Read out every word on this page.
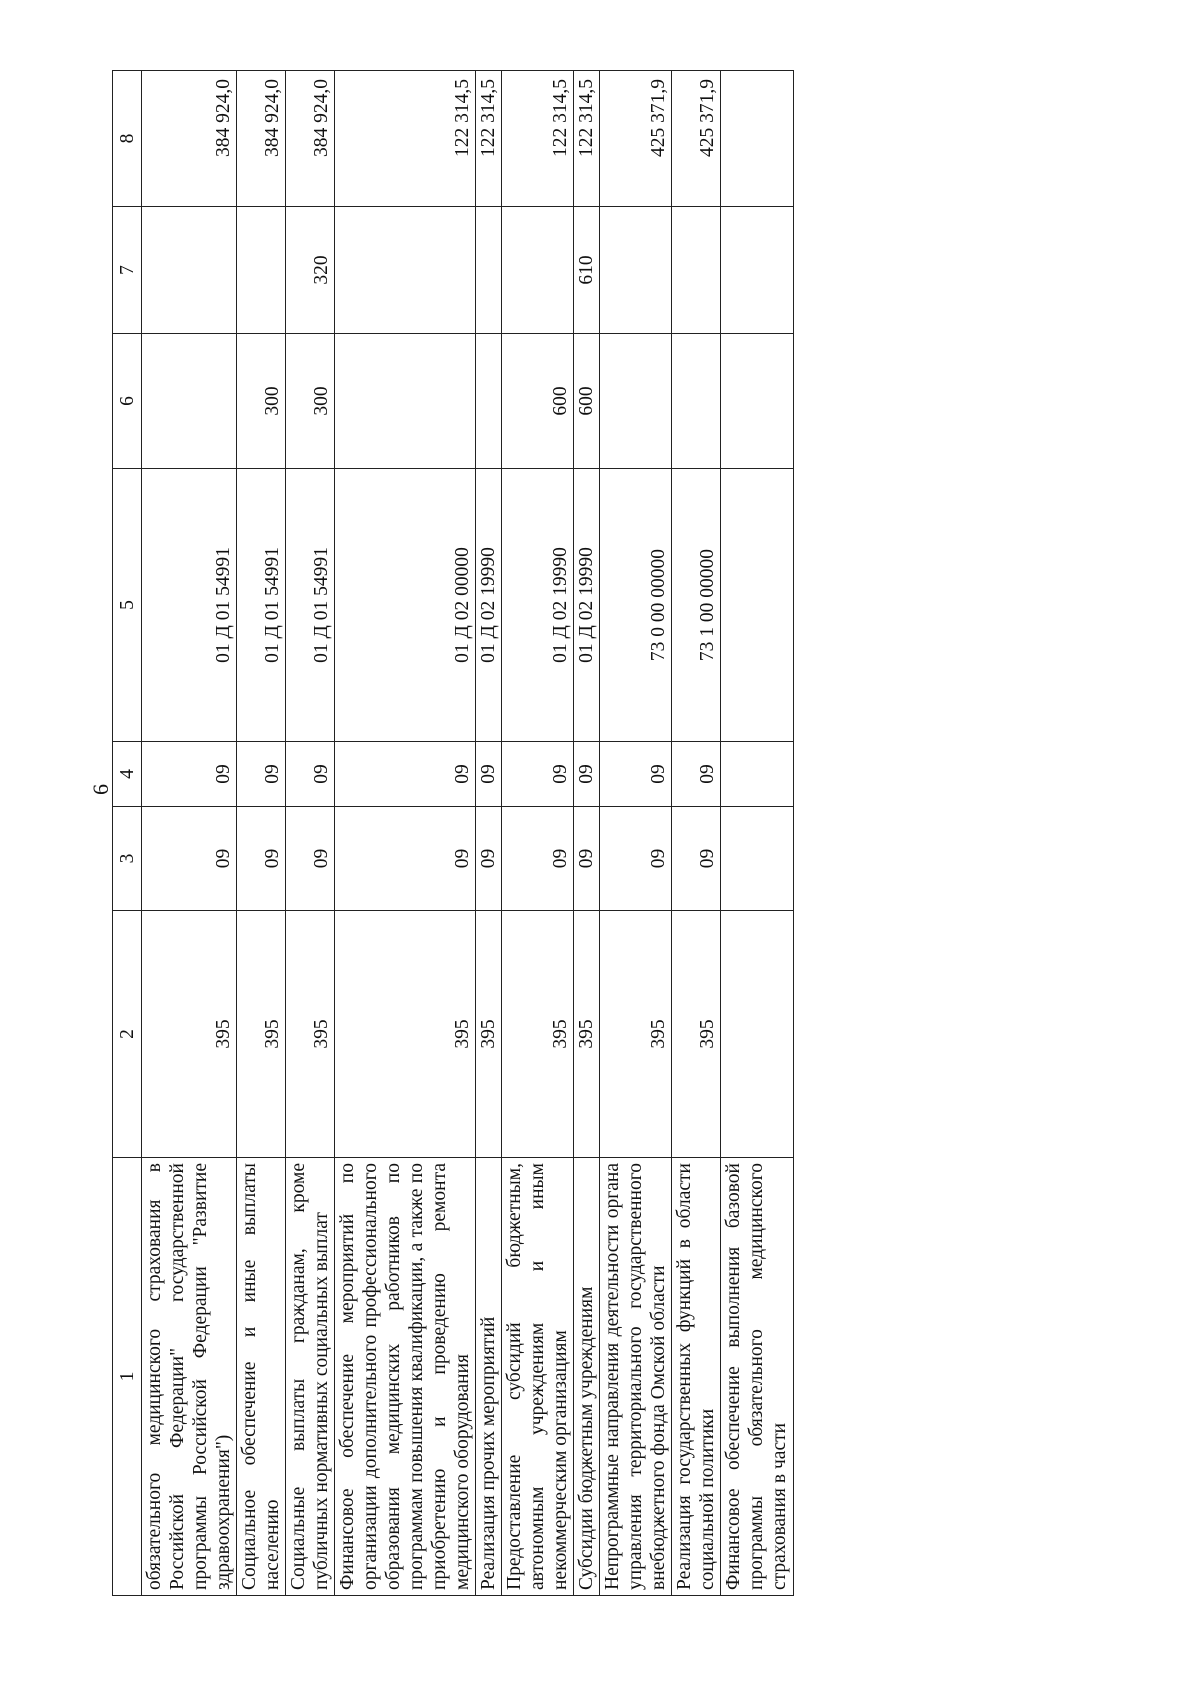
6
1	2	3	4	5	6	7	8
обязательного медицинского страхования в Российской Федерации" государственной программы Российской Федерации "Развитие здравоохранения")	395	09	09	01 Д 01 54991			384 924,0
Социальное обеспечение и иные выплаты населению	395	09	09	01 Д 01 54991	300		384 924,0
Социальные выплаты гражданам, кроме публичных нормативных социальных выплат	395	09	09	01 Д 01 54991	300	320	384 924,0
Финансовое обеспечение мероприятий по организации дополнительного профессионального образования медицинских работников по программам повышения квалификации, а также по приобретению и проведению ремонта медицинского оборудования	395	09	09	01 Д 02 00000			122 314,5
Реализация прочих мероприятий	395	09	09	01 Д 02 19990			122 314,5
Предоставление субсидий бюджетным, автономным учреждениям и иным некоммерческим организациям	395	09	09	01 Д 02 19990	600		122 314,5
Субсидии бюджетным учреждениям	395	09	09	01 Д 02 19990	600	610	122 314,5
Непрограммные направления деятельности органа управления территориального государственного внебюджетного фонда Омской области	395	09	09	73 0 00 00000			425 371,9
Реализация государственных функций в области социальной политики	395	09	09	73 1 00 00000			425 371,9
Финансовое обеспечение выполнения базовой программы обязательного медицинского страхования в части							
